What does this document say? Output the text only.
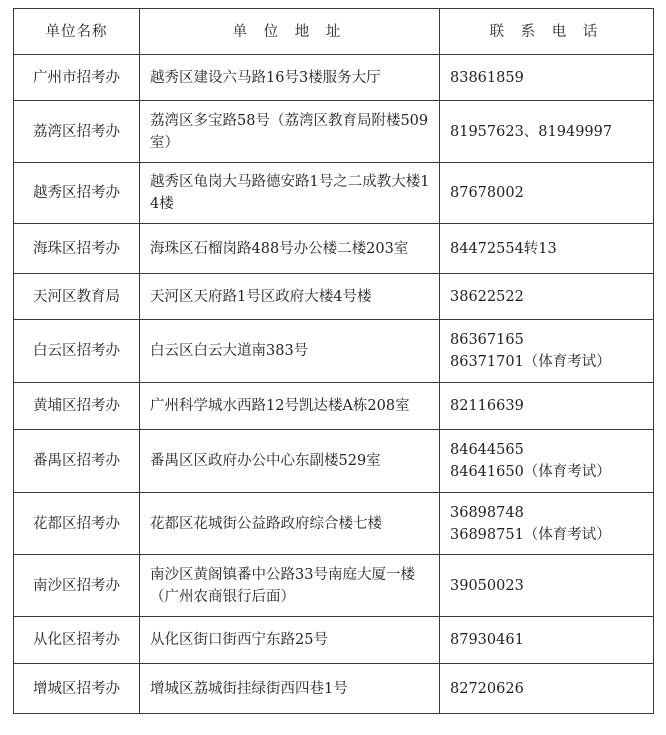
单位名称	单 位 地 址	联 系 电 话
广州市招考办	越秀区建设六马路16号3楼服务大厅	83861859

荔湾区招考办	荔湾区多宝路58号（荔湾区教育局附楼509室）	81957623、81949997

越秀区招考办	越秀区龟岗大马路德安路1号之二成教大楼14楼	87678002

海珠区招考办	海珠区石榴岗路488号办公楼二楼203室	84472554转13

天河区教育局	天河区天府路1号区政府大楼4号楼	38622522

白云区招考办	白云区白云大道南383号	86367165
86371701（体育考试）

黄埔区招考办	广州科学城水西路12号凯达楼A栋208室	82116639

番禺区招考办	番禺区区政府办公中心东副楼529室	84644565
84641650（体育考试）

花都区招考办	花都区花城街公益路政府综合楼七楼	36898748
36898751（体育考试）

南沙区招考办	南沙区黄阁镇番中公路33号南庭大厦一楼（广州农商银行后面）	39050023

从化区招考办	从化区街口街西宁东路25号	87930461

增城区招考办	增城区荔城街挂绿街西四巷1号	82720626
